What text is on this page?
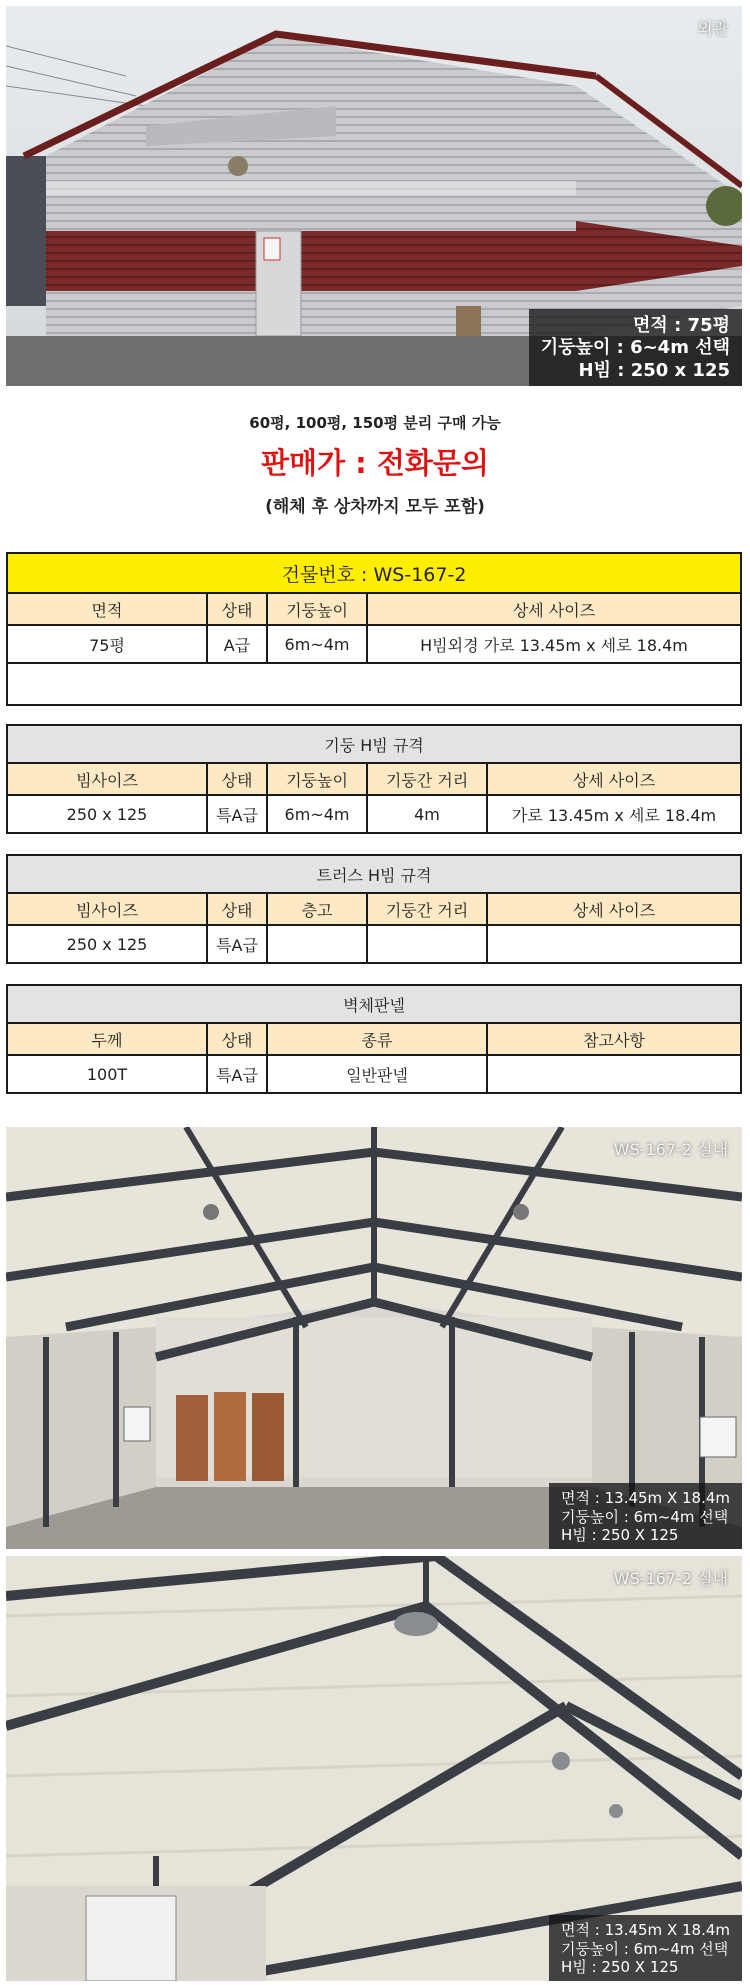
외관
면적 : 75평
기둥높이 : 6~4m 선택
H빔 : 250 x 125
60평, 100평, 150평 분리 구매 가능
판매가 : 전화문의
(해체 후 상차까지 모두 포함)
건물번호 : WS-167-2			
면적	상태	기둥높이	상세 사이즈
75평	A급	6m~4m	H빔외경 가로 13.45m x 세로 18.4m

기둥 H빔 규격				
빔사이즈	상태	기둥높이	기둥간 거리	상세 사이즈
250 x 125	특A급	6m~4m	4m	가로 13.45m x 세로 18.4m
트러스 H빔 규격				
빔사이즈	상태	층고	기둥간 거리	상세 사이즈
250 x 125	특A급			
벽체판넬			
두께	상태	종류	참고사항
100T	특A급	일반판넬	
WS-167-2 실내
면적 : 13.45m X 18.4m
기둥높이 : 6m~4m 선택
H빔 : 250 X 125
WS-167-2 실내
면적 : 13.45m X 18.4m
기둥높이 : 6m~4m 선택
H빔 : 250 X 125
